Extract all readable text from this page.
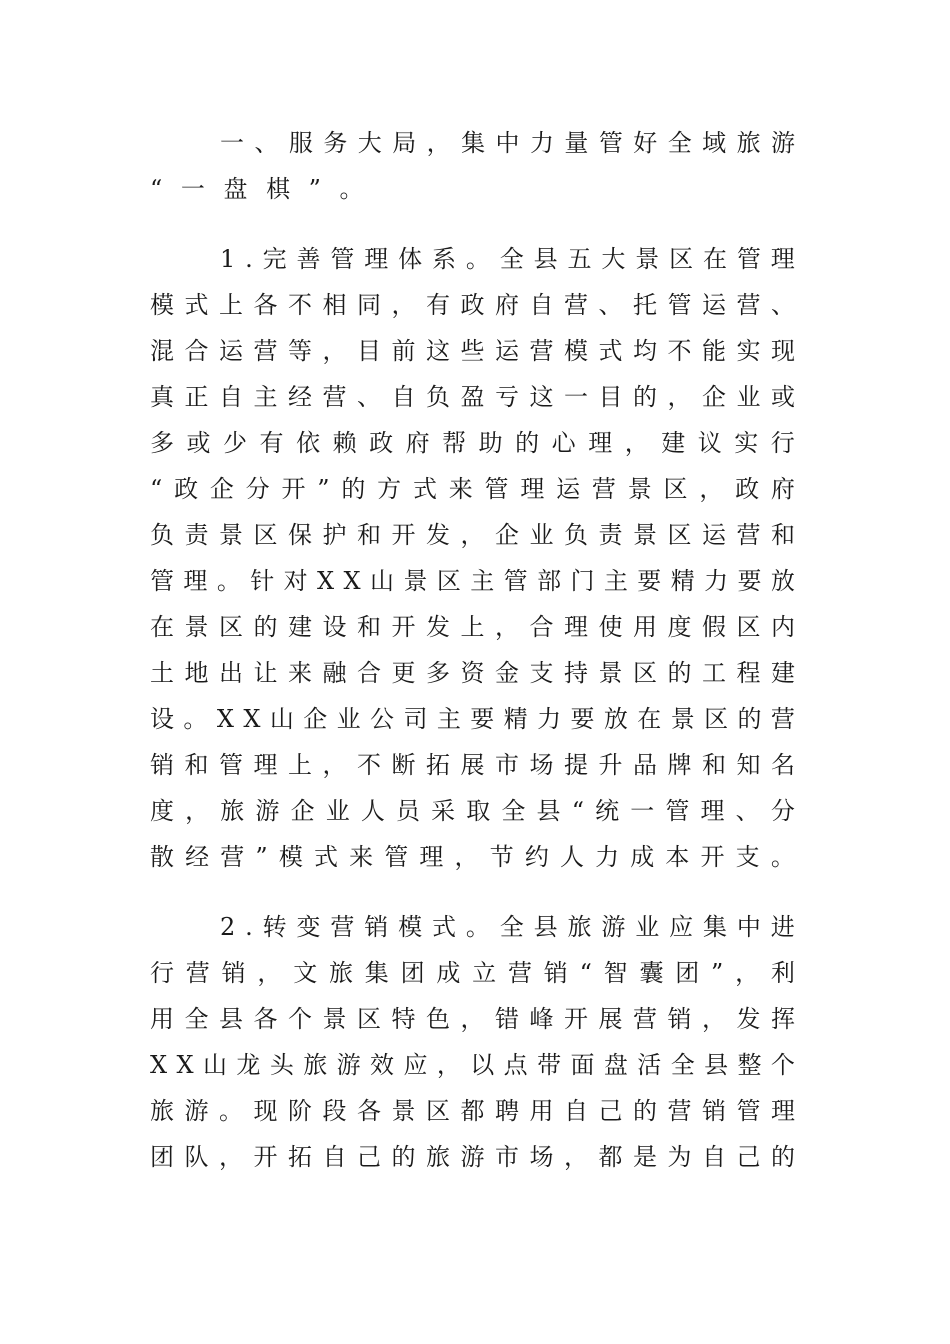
一 、 服 务 大 局 ， 集 中 力 量 管 好 全 域 旅 游
“ 一 盘 棋 ” 。
1 . 完 善 管 理 体 系 。 全 县 五 大 景 区 在 管 理
模 式 上 各 不 相 同 ， 有 政 府 自 营 、 托 管 运 营 、
混 合 运 营 等 ， 目 前 这 些 运 营 模 式 均 不 能 实 现
真 正 自 主 经 营 、 自 负 盈 亏 这 一 目 的 ， 企 业 或
多 或 少 有 依 赖 政 府 帮 助 的 心 理 ， 建 议 实 行
“ 政 企 分 开 ” 的 方 式 来 管 理 运 营 景 区 ， 政 府
负 责 景 区 保 护 和 开 发 ， 企 业 负 责 景 区 运 营 和
管 理 。 针 对 X X 山 景 区 主 管 部 门 主 要 精 力 要 放
在 景 区 的 建 设 和 开 发 上 ， 合 理 使 用 度 假 区 内
土 地 出 让 来 融 合 更 多 资 金 支 持 景 区 的 工 程 建
设 。 X X 山 企 业 公 司 主 要 精 力 要 放 在 景 区 的 营
销 和 管 理 上 ， 不 断 拓 展 市 场 提 升 品 牌 和 知 名
度 ， 旅 游 企 业 人 员 采 取 全 县 “ 统 一 管 理 、 分
散 经 营 ” 模 式 来 管 理 ， 节 约 人 力 成 本 开 支 。
2 . 转 变 营 销 模 式 。 全 县 旅 游 业 应 集 中 进
行 营 销 ， 文 旅 集 团 成 立 营 销 “ 智 囊 团 ” ， 利
用 全 县 各 个 景 区 特 色 ， 错 峰 开 展 营 销 ， 发 挥
X X 山 龙 头 旅 游 效 应 ， 以 点 带 面 盘 活 全 县 整 个
旅 游 。 现 阶 段 各 景 区 都 聘 用 自 己 的 营 销 管 理
团 队 ， 开 拓 自 己 的 旅 游 市 场 ， 都 是 为 自 己 的
